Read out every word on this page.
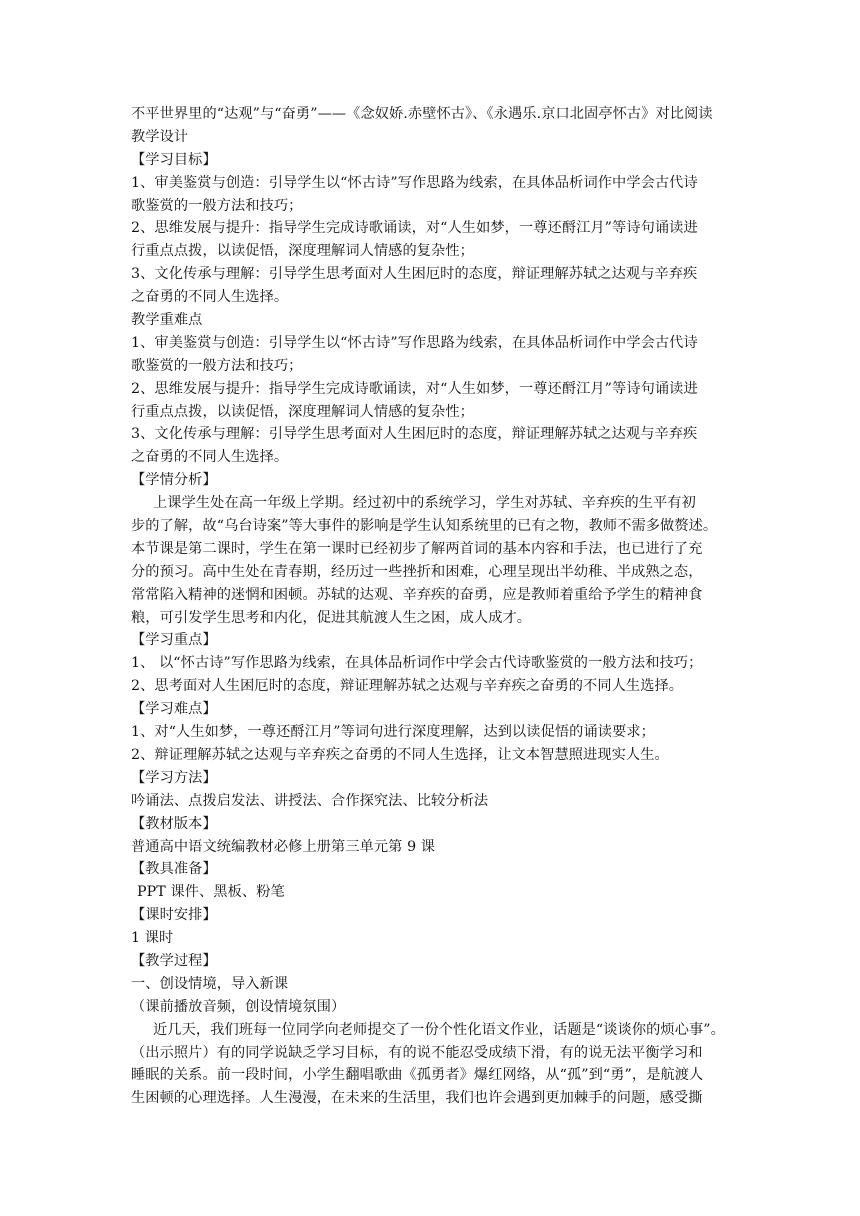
不平世界里的“达观”与“奋勇”——《念奴娇.赤壁怀古》、《永遇乐.京口北固亭怀古》对比阅读
教学设计
【学习目标】
1、审美鉴赏与创造：引导学生以“怀古诗”写作思路为线索，在具体品析词作中学会古代诗
歌鉴赏的一般方法和技巧；
2、思维发展与提升：指导学生完成诗歌诵读，对“人生如梦，一尊还酹江月”等诗句诵读进
行重点点拨，以读促悟，深度理解词人情感的复杂性；
3、文化传承与理解：引导学生思考面对人生困厄时的态度，辩证理解苏轼之达观与辛弃疾
之奋勇的不同人生选择。
教学重难点
1、审美鉴赏与创造：引导学生以“怀古诗”写作思路为线索，在具体品析词作中学会古代诗
歌鉴赏的一般方法和技巧；
2、思维发展与提升：指导学生完成诗歌诵读，对“人生如梦，一尊还酹江月”等诗句诵读进
行重点点拨，以读促悟，深度理解词人情感的复杂性；
3、文化传承与理解：引导学生思考面对人生困厄时的态度，辩证理解苏轼之达观与辛弃疾
之奋勇的不同人生选择。
【学情分析】
上课学生处在高一年级上学期。经过初中的系统学习，学生对苏轼、辛弃疾的生平有初
步的了解，故“乌台诗案”等大事件的影响是学生认知系统里的已有之物，教师不需多做赘述。
本节课是第二课时，学生在第一课时已经初步了解两首词的基本内容和手法，也已进行了充
分的预习。高中生处在青春期，经历过一些挫折和困难，心理呈现出半幼稚、半成熟之态，
常常陷入精神的迷惘和困顿。苏轼的达观、辛弃疾的奋勇，应是教师着重给予学生的精神食
粮，可引发学生思考和内化，促进其航渡人生之困，成人成才。
【学习重点】
1、 以“怀古诗”写作思路为线索，在具体品析词作中学会古代诗歌鉴赏的一般方法和技巧；
2、思考面对人生困厄时的态度，辩证理解苏轼之达观与辛弃疾之奋勇的不同人生选择。
【学习难点】
1、对“人生如梦，一尊还酹江月”等词句进行深度理解，达到以读促悟的诵读要求；
2、辩证理解苏轼之达观与辛弃疾之奋勇的不同人生选择，让文本智慧照进现实人生。
【学习方法】
吟诵法、点拨启发法、讲授法、合作探究法、比较分析法
【教材版本】
普通高中语文统编教材必修上册第三单元第 9 课
【教具准备】
PPT 课件、黑板、粉笔
【课时安排】
1 课时
【教学过程】
一、创设情境，导入新课
（课前播放音频，创设情境氛围）
近几天，我们班每一位同学向老师提交了一份个性化语文作业，话题是“谈谈你的烦心事”。
（出示照片）有的同学说缺乏学习目标，有的说不能忍受成绩下滑，有的说无法平衡学习和
睡眠的关系。前一段时间，小学生翻唱歌曲《孤勇者》爆红网络，从“孤”到“勇”，是航渡人
生困顿的心理选择。人生漫漫，在未来的生活里，我们也许会遇到更加棘手的问题，感受撕
